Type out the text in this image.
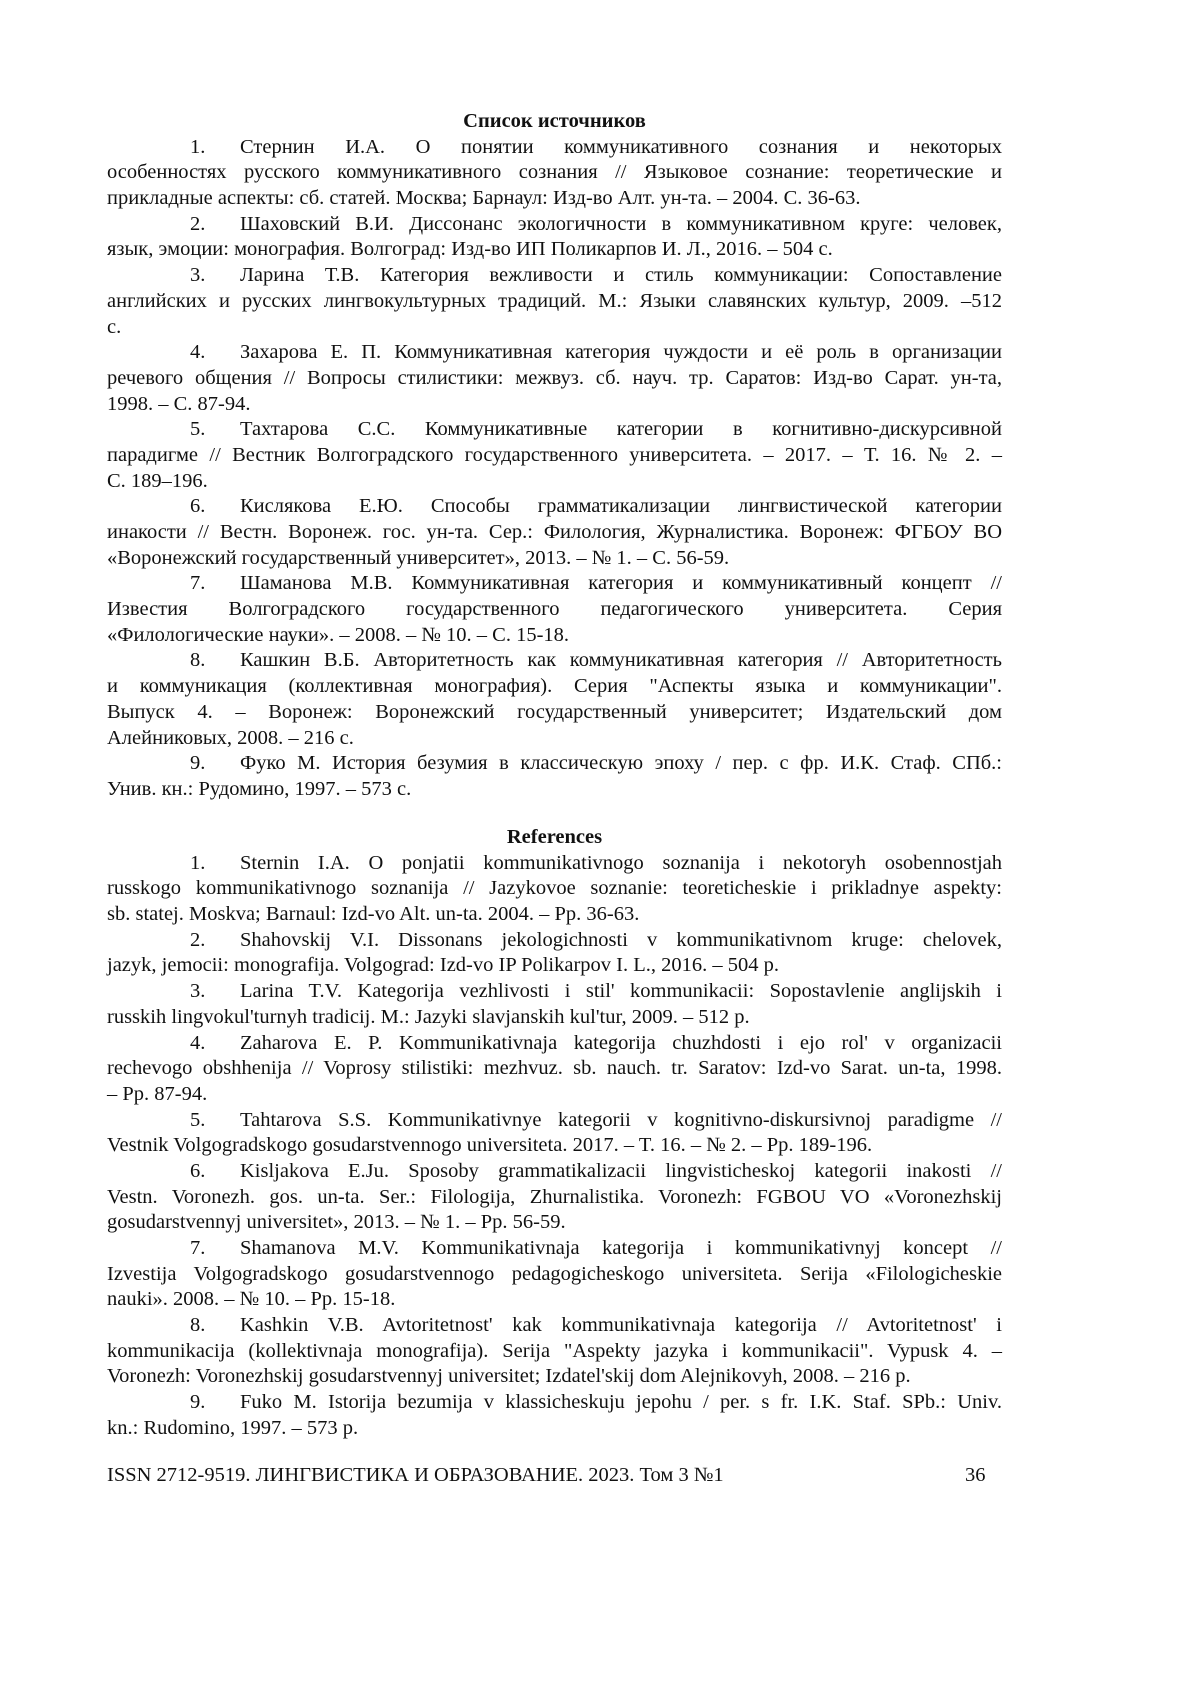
Список источников
1.	Стернин И.А. О понятии коммуникативного сознания и некоторых
особенностях русского коммуникативного сознания // Языковое сознание: теоретические и
прикладные аспекты: сб. статей. Москва; Барнаул: Изд-во Алт. ун-та. – 2004. С. 36-63.
2.	Шаховский В.И. Диссонанс экологичности в коммуникативном круге: человек,
язык, эмоции: монография. Волгоград: Изд-во ИП Поликарпов И. Л., 2016. – 504 с.
3.	Ларина Т.В. Категория вежливости и стиль коммуникации: Сопоставление
английских и русских лингвокультурных традиций. М.: Языки славянских культур, 2009. –512
с.
4.	Захарова Е. П. Коммуникативная категория чуждости и её роль в организации
речевого общения // Вопросы стилистики: межвуз. сб. науч. тр. Саратов: Изд-во Сарат. ун-та,
1998. – С. 87-94.
5.	Тахтарова С.С. Коммуникативные категории в когнитивно-дискурсивной
парадигме // Вестник Волгоградского государственного университета. – 2017. – Т. 16. № 2. –
С. 189–196.
6.	Кислякова Е.Ю. Способы грамматикализации лингвистической категории
инакости // Вестн. Воронеж. гос. ун-та. Сер.: Филология, Журналистика. Воронеж: ФГБОУ ВО
«Воронежский государственный университет», 2013. – № 1. – С. 56-59.
7.	Шаманова М.В. Коммуникативная категория и коммуникативный концепт //
Известия Волгоградского государственного педагогического университета. Серия
«Филологические науки». – 2008. – № 10. – С. 15-18.
8.	Кашкин В.Б. Авторитетность как коммуникативная категория // Авторитетность
и коммуникация (коллективная монография). Серия "Аспекты языка и коммуникации".
Выпуск 4. – Воронеж: Воронежский государственный университет; Издательский дом
Алейниковых, 2008. – 216 с.
9.	Фуко М. История безумия в классическую эпоху / пер. с фр. И.К. Стаф. СПб.:
Унив. кн.: Рудомино, 1997. – 573 с.
References
1.	Sternin I.A. O ponjatii kommunikativnogo soznanija i nekotoryh osobennostjah
russkogo kommunikativnogo soznanija // Jazykovoe soznanie: teoreticheskie i prikladnye aspekty:
sb. statej. Moskva; Barnaul: Izd-vo Alt. un-ta. 2004. – Pp. 36-63.
2.	Shahovskij V.I. Dissonans jekologichnosti v kommunikativnom kruge: chelovek,
jazyk, jemocii: monografija. Volgograd: Izd-vo IP Polikarpov I. L., 2016. – 504 p.
3.	Larina T.V. Kategorija vezhlivosti i stil' kommunikacii: Sopostavlenie anglijskih i
russkih lingvokul'turnyh tradicij. M.: Jazyki slavjanskih kul'tur, 2009. – 512 p.
4.	Zaharova E. P. Kommunikativnaja kategorija chuzhdosti i ejo rol' v organizacii
rechevogo obshhenija // Voprosy stilistiki: mezhvuz. sb. nauch. tr. Saratov: Izd-vo Sarat. un-ta, 1998.
– Pp. 87-94.
5.	Tahtarova S.S. Kommunikativnye kategorii v kognitivno-diskursivnoj paradigme //
Vestnik Volgogradskogo gosudarstvennogo universiteta. 2017. – T. 16. – № 2. – Pp. 189-196.
6.	Kisljakova E.Ju. Sposoby grammatikalizacii lingvisticheskoj kategorii inakosti //
Vestn. Voronezh. gos. un-ta. Ser.: Filologija, Zhurnalistika. Voronezh: FGBOU VO «Voronezhskij
gosudarstvennyj universitet», 2013. – № 1. – Pp. 56-59.
7.	Shamanova M.V. Kommunikativnaja kategorija i kommunikativnyj koncept //
Izvestija Volgogradskogo gosudarstvennogo pedagogicheskogo universiteta. Serija «Filologicheskie
nauki». 2008. – № 10. – Pp. 15-18.
8.	Kashkin V.B. Avtoritetnost' kak kommunikativnaja kategorija // Avtoritetnost' i
kommunikacija (kollektivnaja monografija). Serija "Aspekty jazyka i kommunikacii". Vypusk 4. –
Voronezh: Voronezhskij gosudarstvennyj universitet; Izdatel'skij dom Alejnikovyh, 2008. – 216 p.
9.	Fuko M. Istorija bezumija v klassicheskuju jepohu / per. s fr. I.K. Staf. SPb.: Univ.
kn.: Rudomino, 1997. – 573 p.
ISSN 2712-9519. ЛИНГВИСТИКА И ОБРАЗОВАНИЕ. 2023. Том 3 №1	36
